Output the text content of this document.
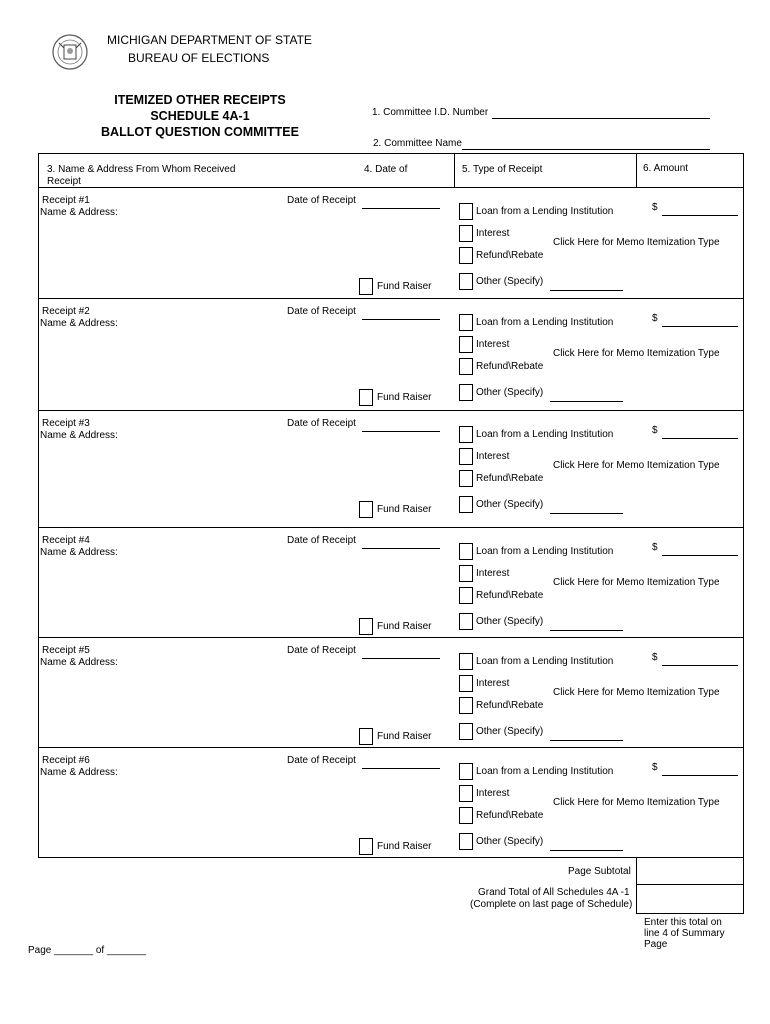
MICHIGAN DEPARTMENT OF STATE
BUREAU OF ELECTIONS
ITEMIZED OTHER RECEIPTS
SCHEDULE 4A-1
BALLOT QUESTION COMMITTEE
1. Committee I.D. Number
2. Committee Name
3. Name & Address From Whom Received
Receipt
4. Date of	5. Type of Receipt	6. Amount
Receipt #1
Name & Address:
Date of Receipt
Fund Raiser
Loan from a Lending Institution
Interest
Refund\Rebate
Other (Specify)
Click Here for Memo Itemization Type
$
Receipt #2
Name & Address:
Date of Receipt
Fund Raiser
Loan from a Lending Institution
Interest
Refund\Rebate
Other (Specify)
Click Here for Memo Itemization Type
$
Receipt #3
Name & Address:
Date of Receipt
Fund Raiser
Loan from a Lending Institution
Interest
Refund\Rebate
Other (Specify)
Click Here for Memo Itemization Type
$
Receipt #4
Name & Address:
Date of Receipt
Fund Raiser
Loan from a Lending Institution
Interest
Refund\Rebate
Other (Specify)
Click Here for Memo Itemization Type
$
Receipt #5
Name & Address:
Date of Receipt
Fund Raiser
Loan from a Lending Institution
Interest
Refund\Rebate
Other (Specify)
Click Here for Memo Itemization Type
$
Receipt #6
Name & Address:
Date of Receipt
Fund Raiser
Loan from a Lending Institution
Interest
Refund\Rebate
Other (Specify)
Click Here for Memo Itemization Type
$
Page Subtotal
Grand Total of All Schedules 4A -1
(Complete on last page of Schedule)
Enter this total on
line 4 of Summary
Page
Page _______ of _______
